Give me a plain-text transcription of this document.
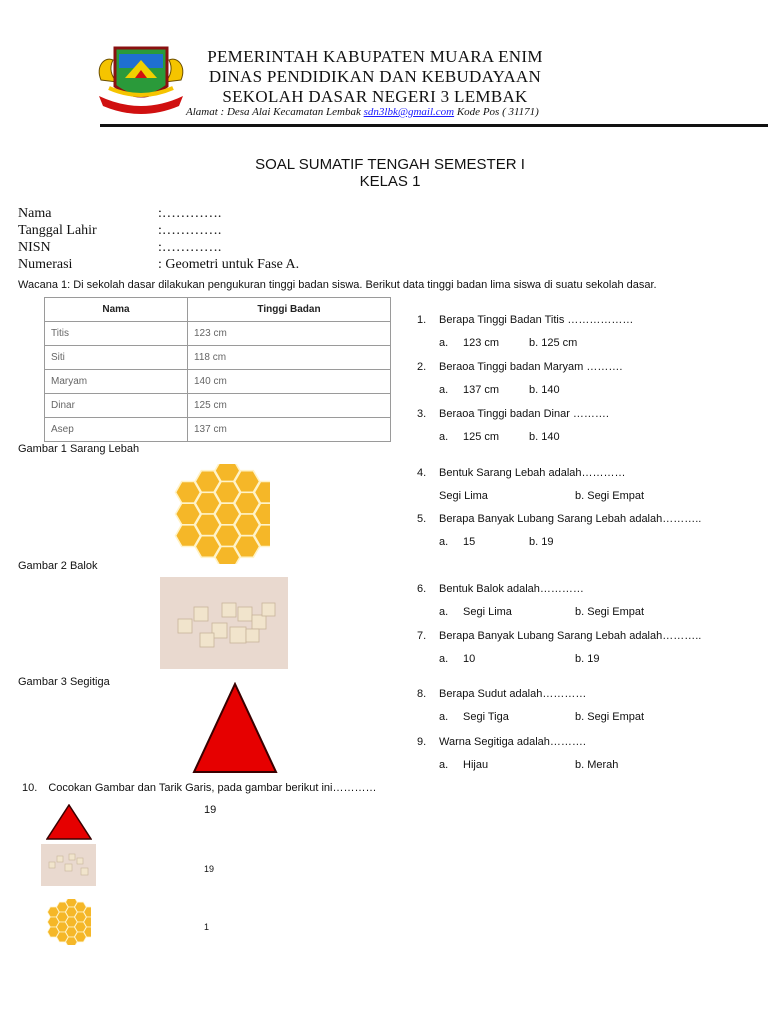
PEMERINTAH KABUPATEN MUARA ENIM
DINAS PENDIDIKAN DAN KEBUDAYAAN
SEKOLAH DASAR NEGERI 3 LEMBAK
Alamat : Desa Alai Kecamatan Lembak sdn3lbk@gmail.com Kode Pos ( 31171)
SOAL SUMATIF TENGAH SEMESTER I
KELAS 1
Nama	:………….
Tanggal Lahir	:………….
NISN	:………….
Numerasi	: Geometri untuk Fase A.
Wacana 1: Di sekolah dasar dilakukan pengukuran tinggi badan siswa. Berikut data tinggi badan lima siswa di suatu sekolah dasar.
Nama	Tinggi Badan
Titis	123 cm
Siti	118 cm
Maryam	140 cm
Dinar	125 cm
Asep	137 cm
Gambar 1 Sarang Lebah
Gambar 2 Balok
Gambar 3 Segitiga
1. Berapa Tinggi Badan Titis ………………
a. 123 cm	b. 125 cm
2. Beraoa Tinggi badan Maryam ……….
a. 137 cm	b. 140
3. Beraoa Tinggi badan Dinar ……….
a. 125 cm	b. 140
4. Bentuk Sarang Lebah adalah…………
Segi Lima	b. Segi Empat
5. Berapa Banyak Lubang Sarang Lebah adalah………..
a. 15	b. 19
6. Bentuk Balok adalah…………
a. Segi Lima	b. Segi Empat
7. Berapa Banyak Lubang Sarang Lebah adalah………..
a. 10	b. 19
8. Berapa Sudut adalah…………
a. Segi Tiga	b. Segi Empat
9. Warna Segitiga adalah……….
a. Hijau	b. Merah
10. Cocokan Gambar dan Tarik Garis, pada gambar berikut ini…………
19
19
1
